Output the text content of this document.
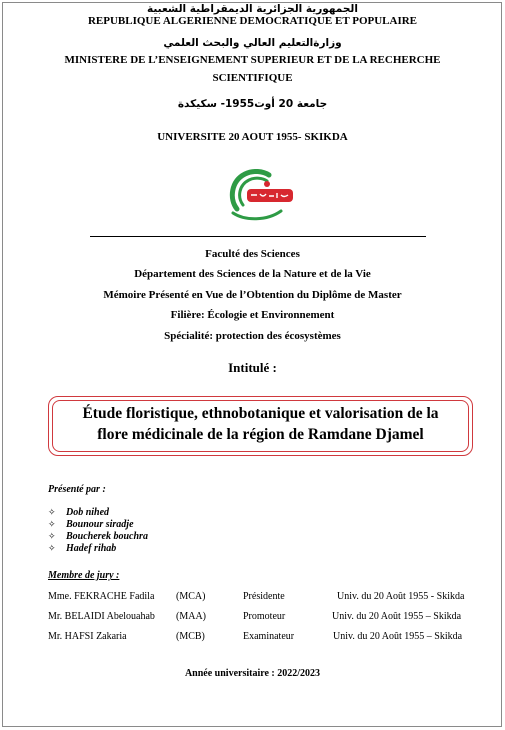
الجمهورية الجزائرية الديمقراطية الشعبية
REPUBLIQUE ALGERIENNE DEMOCRATIQUE ET POPULAIRE
وزارةالتعليم العالي والبحث العلمي
MINISTERE DE L’ENSEIGNEMENT SUPERIEUR ET DE LA RECHERCHE
SCIENTIFIQUE
جامعة 20 أوت1955- سكيكدة
UNIVERSITE 20 AOUT 1955- SKIKDA
Faculté des Sciences
Département des Sciences de la Nature et de la Vie
Mémoire Présenté en Vue de l’Obtention du Diplôme de Master
Filière: Écologie et Environnement
Spécialité: protection des écosystèmes
Intitulé :
Étude floristique, ethnobotanique et valorisation de la
flore médicinale de la région de Ramdane Djamel
Présenté par :
✧ Dob nihed
✧ Bounour siradje
✧ Boucherek bouchra
✧ Hadef rihab
Membre de jury :
Mme. FEKRACHE Fadila (MCA)	Présidente	Univ. du 20 Août 1955 - Skikda
Mr. BELAIDI Abelouahab (MAA)	Promoteur	Univ. du 20 Août 1955 – Skikda
Mr. HAFSI Zakaria	(MCB)	Examinateur	Univ. du 20 Août 1955 – Skikda
Année universitaire : 2022/2023
